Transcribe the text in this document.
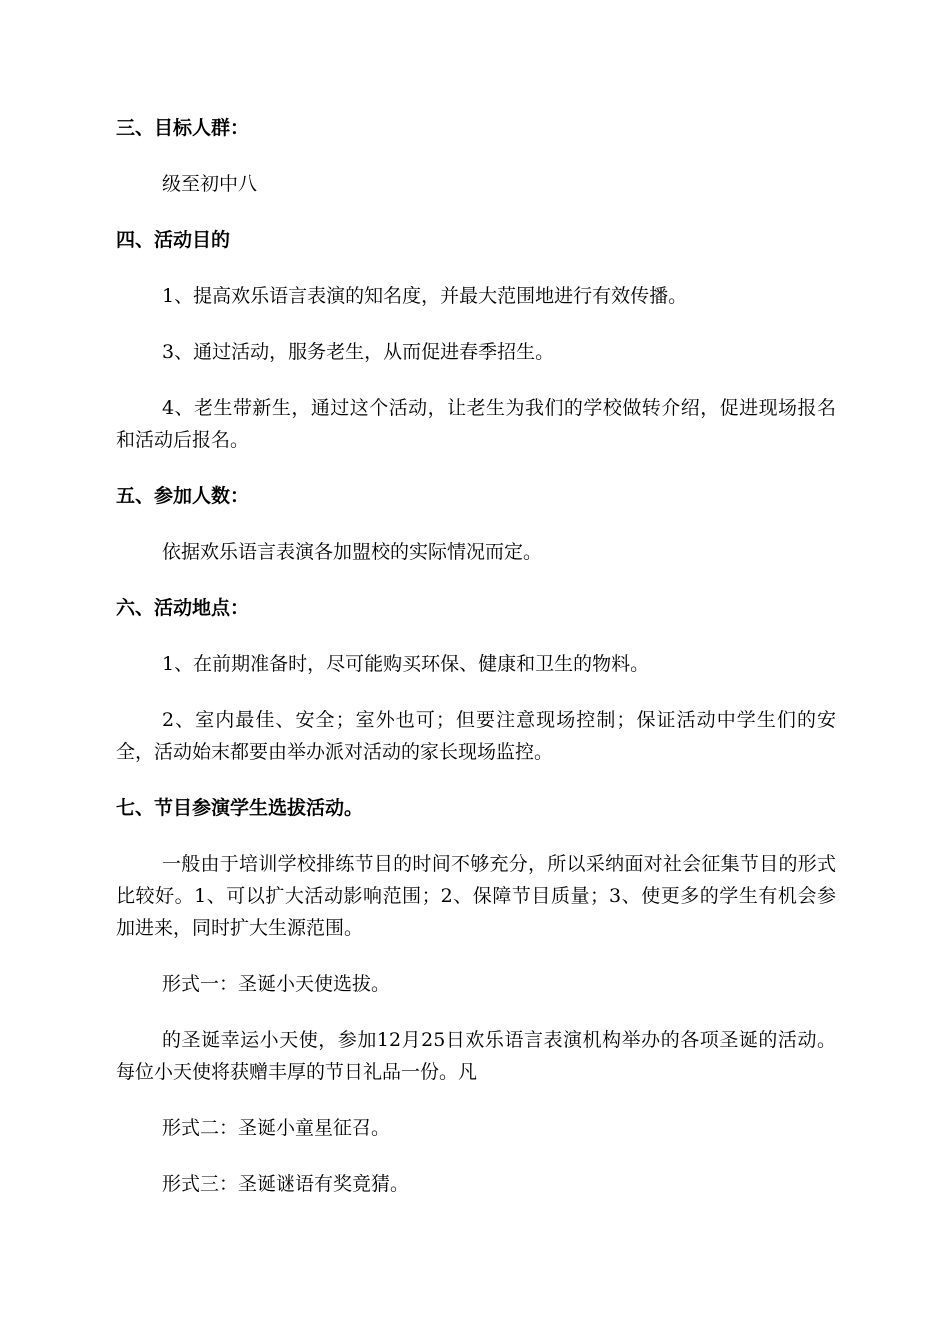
三、目标人群：

级至初中八

四、活动目的

1、提高欢乐语言表演的知名度，并最大范围地进行有效传播。

3、通过活动，服务老生，从而促进春季招生。

4、老生带新生，通过这个活动，让老生为我们的学校做转介绍，促进现场报名和活动后报名。

五、参加人数：

依据欢乐语言表演各加盟校的实际情况而定。

六、活动地点：

1、在前期准备时，尽可能购买环保、健康和卫生的物料。

2、室内最佳、安全；室外也可；但要注意现场控制；保证活动中学生们的安全，活动始末都要由举办派对活动的家长现场监控。

七、节目参演学生选拔活动。

一般由于培训学校排练节目的时间不够充分，所以采纳面对社会征集节目的形式比较好。1、可以扩大活动影响范围；2、保障节目质量；3、使更多的学生有机会参加进来，同时扩大生源范围。

形式一：圣诞小天使选拔。

的圣诞幸运小天使，参加12月25日欢乐语言表演机构举办的各项圣诞的活动。每位小天使将获赠丰厚的节日礼品一份。凡

形式二：圣诞小童星征召。

形式三：圣诞谜语有奖竟猜。
